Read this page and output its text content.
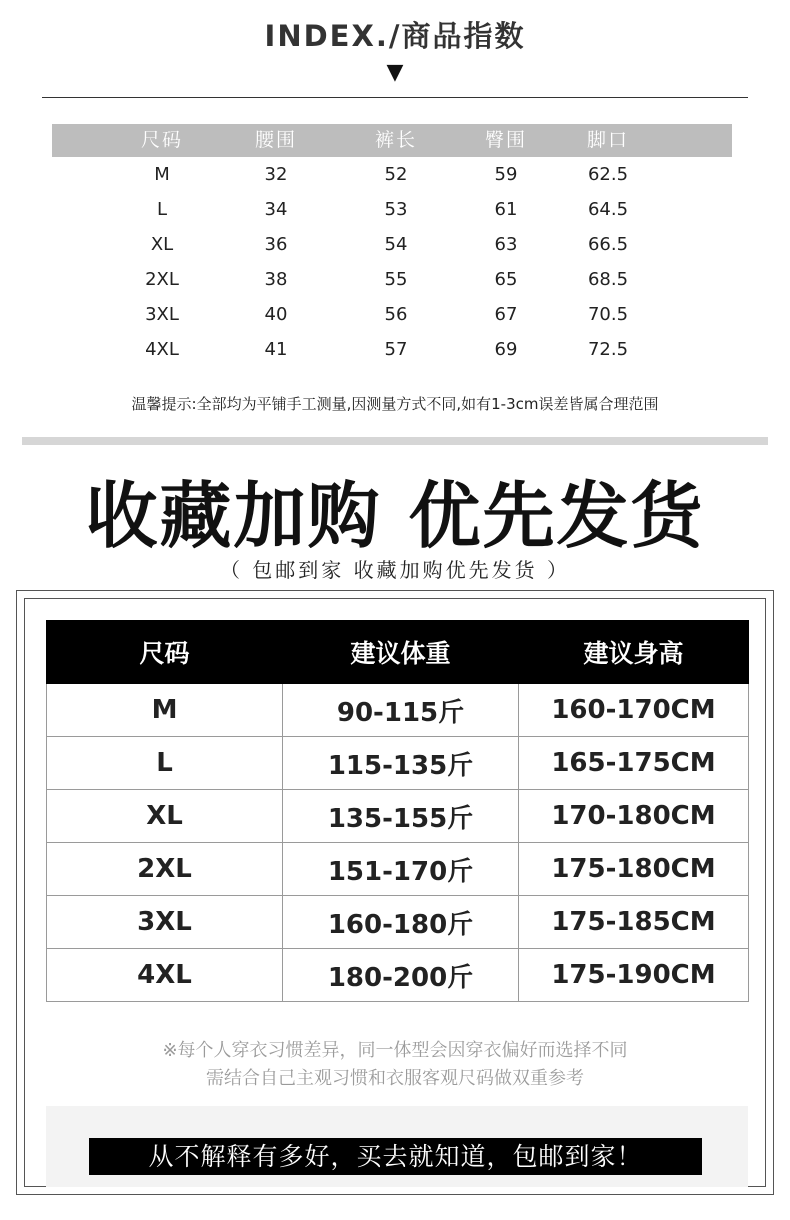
INDEX./商品指数
▼
尺码	腰围	裤长	臀围	脚口
M	32	52	59	62.5
L	34	53	61	64.5
XL	36	54	63	66.5
2XL	38	55	65	68.5
3XL	40	56	67	70.5
4XL	41	57	69	72.5
温馨提示:全部均为平铺手工测量,因测量方式不同,如有1-3cm误差皆属合理范围
收藏加购 优先发货
（ 包邮到家 收藏加购优先发货 ）
尺码	建议体重	建议身高
M	90-115斤	160-170CM
L	115-135斤	165-175CM
XL	135-155斤	170-180CM
2XL	151-170斤	175-180CM
3XL	160-180斤	175-185CM
4XL	180-200斤	175-190CM
※每个人穿衣习惯差异，同一体型会因穿衣偏好而选择不同
需结合自己主观习惯和衣服客观尺码做双重参考
从不解释有多好，买去就知道，包邮到家！
